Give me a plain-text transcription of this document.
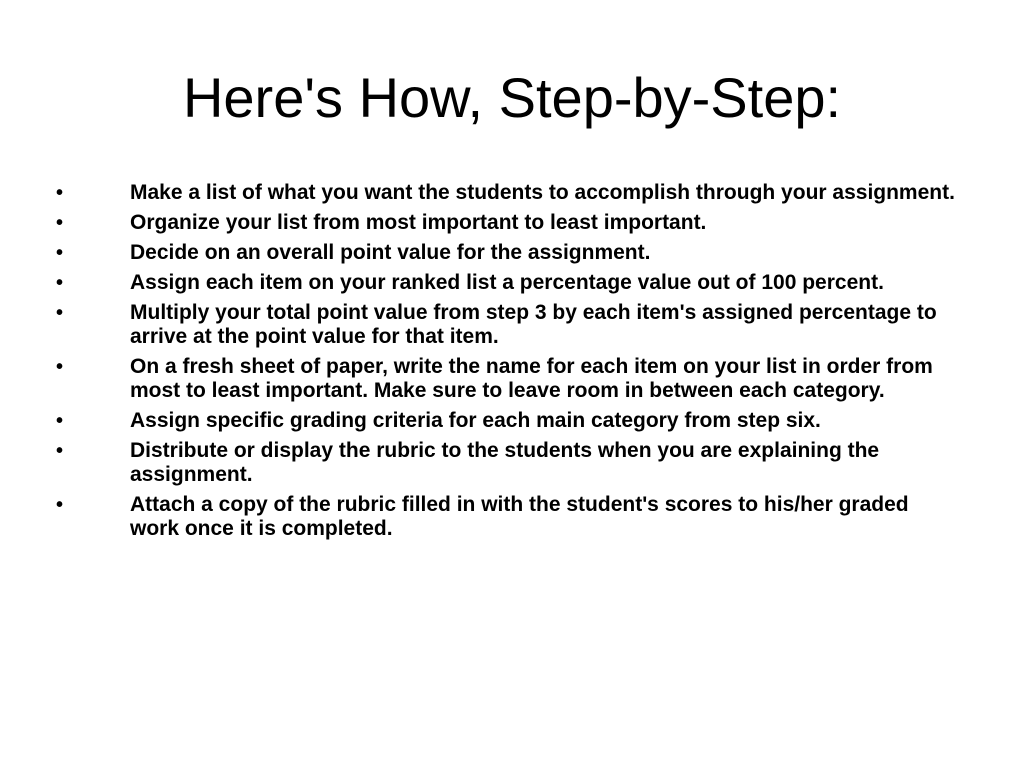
Here's How, Step-by-Step:
•	Make a list of what you want the students to accomplish through your assignment.
•	Organize your list from most important to least important.
•	Decide on an overall point value for the assignment.
•	Assign each item on your ranked list a percentage value out of 100 percent.
•	Multiply your total point value from step 3 by each item's assigned percentage to arrive at the point value for that item.
•	On a fresh sheet of paper, write the name for each item on your list in order from most to least important. Make sure to leave room in between each category.
•	Assign specific grading criteria for each main category from step six.
•	Distribute or display the rubric to the students when you are explaining the assignment.
•	Attach a copy of the rubric filled in with the student's scores to his/her graded work once it is completed.
